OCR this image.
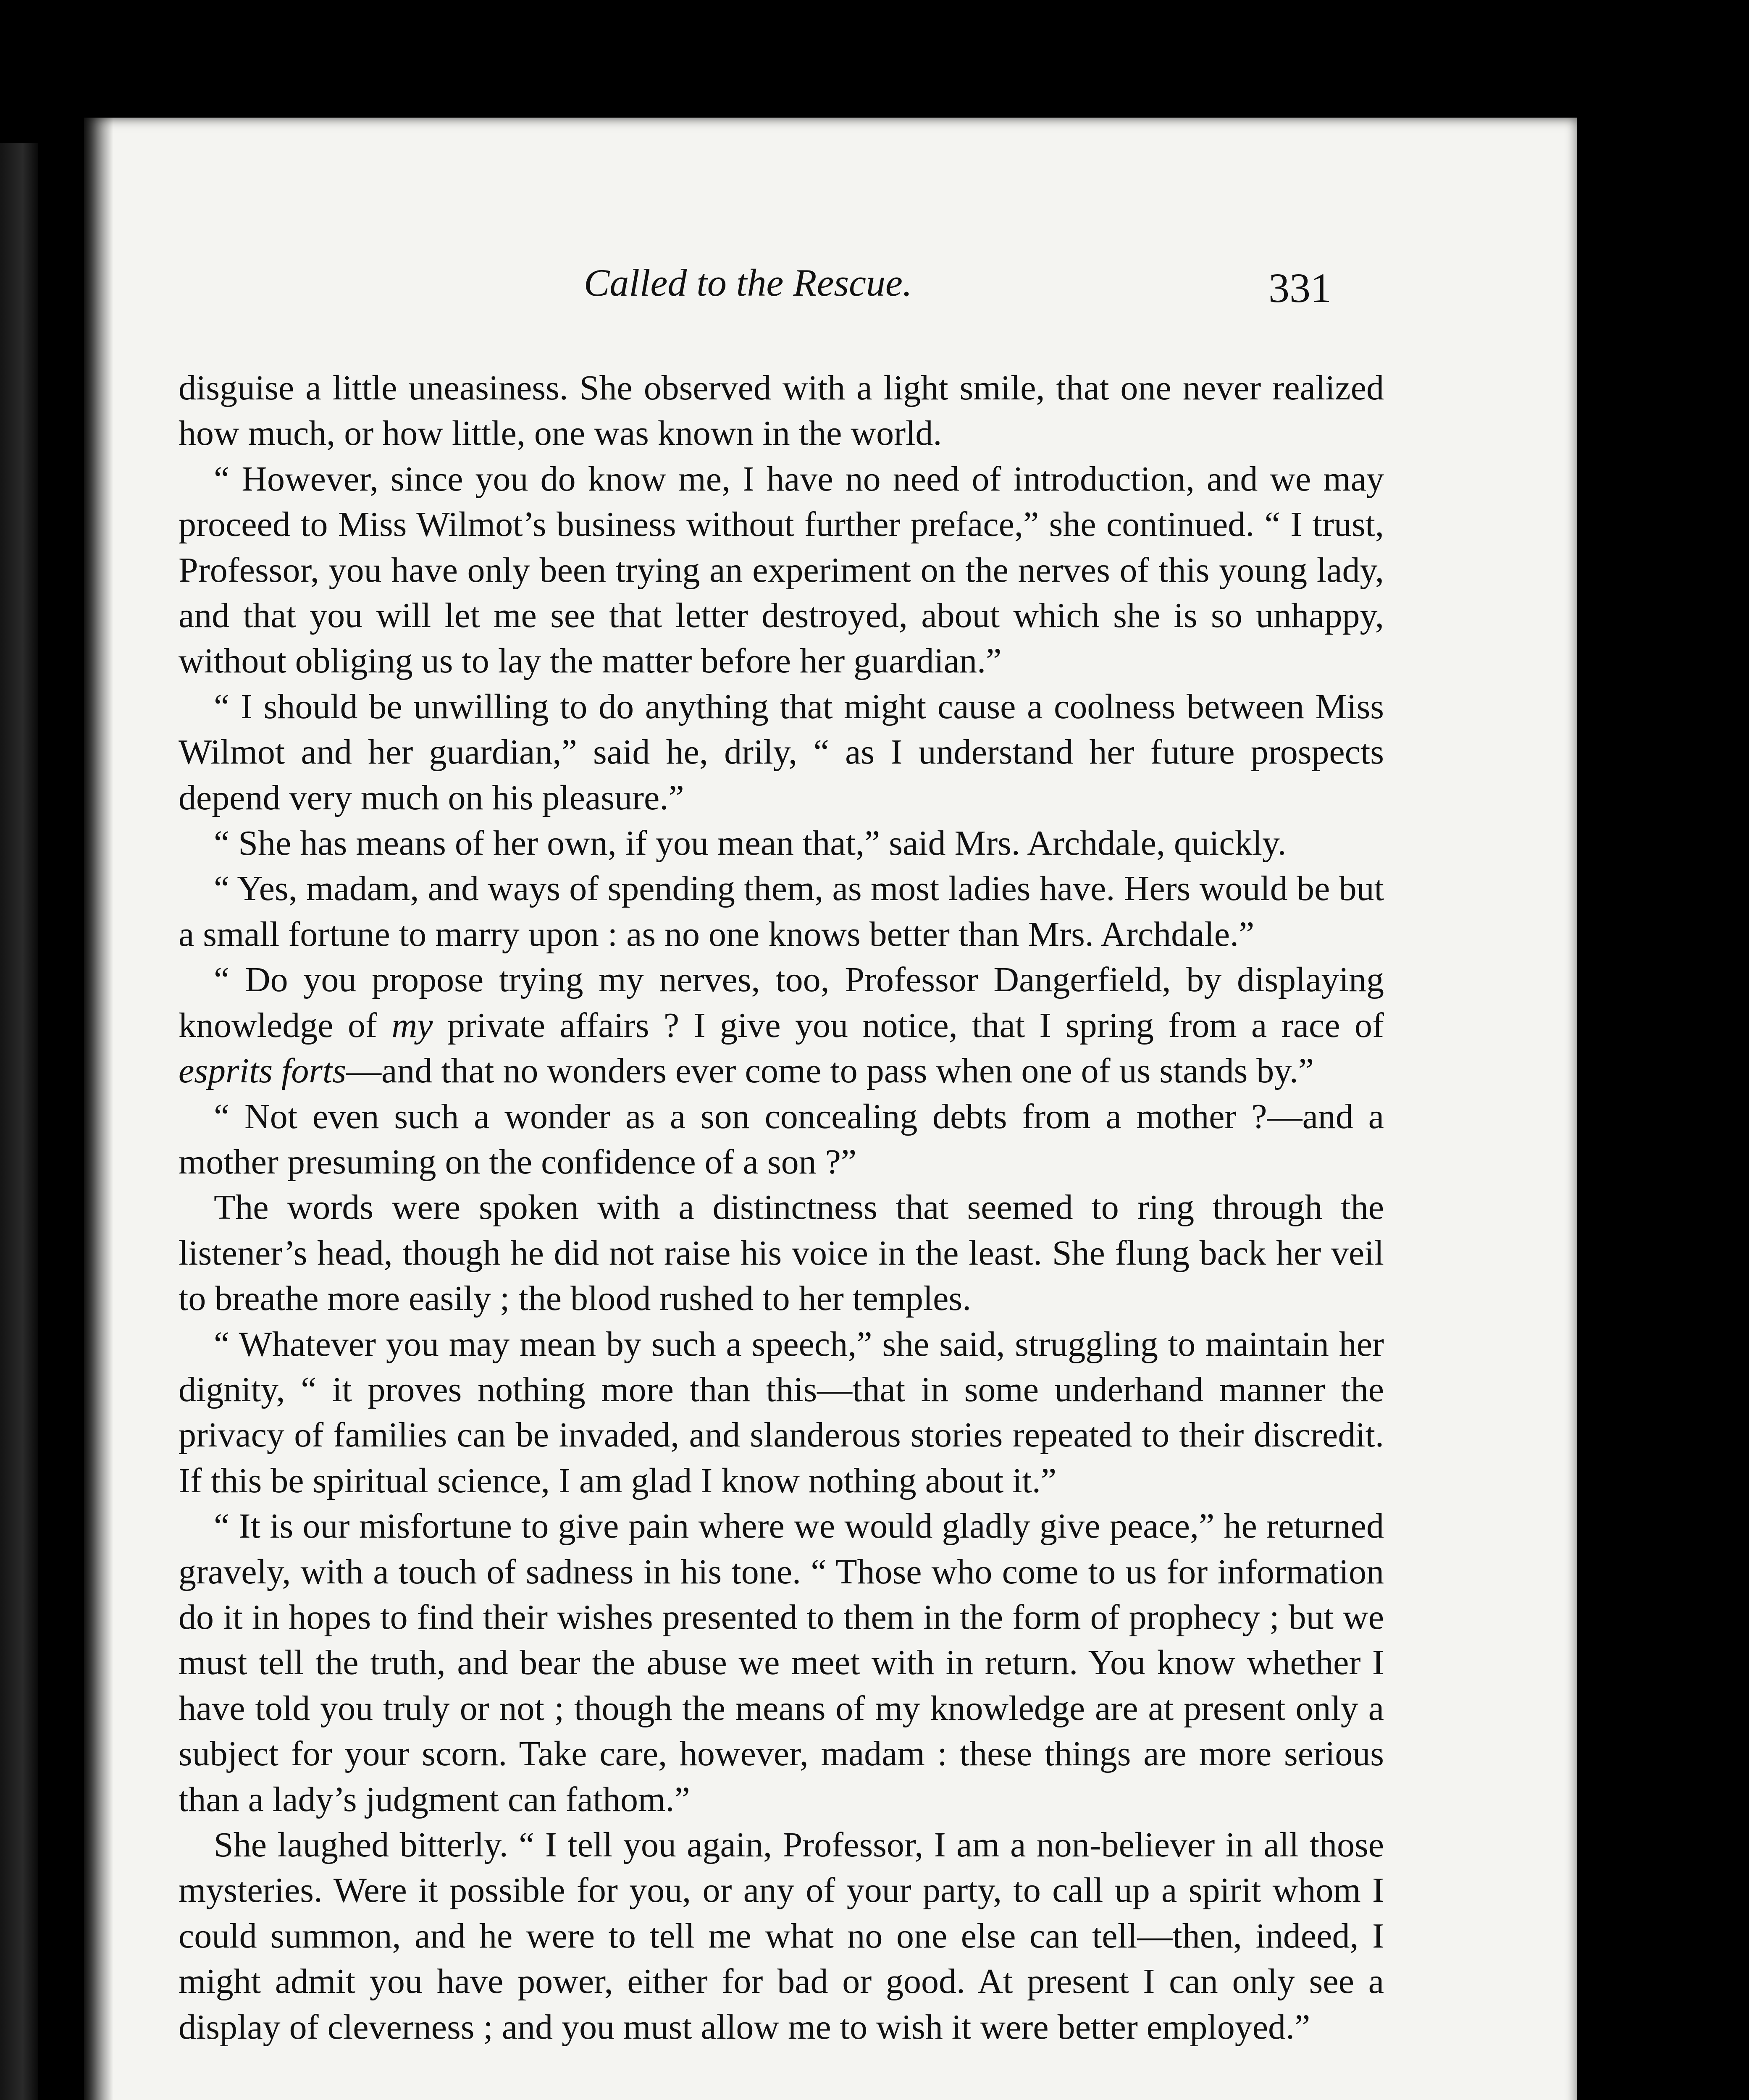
Called to the Rescue.	331

disguise a little uneasiness. She observed with a light smile, that one never realized how much, or how little, one was known in the world.

“ However, since you do know me, I have no need of introduction, and we may proceed to Miss Wilmot’s business without further preface,” she continued. “ I trust, Professor, you have only been trying an experiment on the nerves of this young lady, and that you will let me see that letter destroyed, about which she is so unhappy, without obliging us to lay the matter before her guardian.”

“ I should be unwilling to do anything that might cause a coolness between Miss Wilmot and her guardian,” said he, drily, “ as I understand her future prospects depend very much on his pleasure.”

“ She has means of her own, if you mean that,” said Mrs. Archdale, quickly.

“ Yes, madam, and ways of spending them, as most ladies have. Hers would be but a small fortune to marry upon : as no one knows better than Mrs. Archdale.”

“ Do you propose trying my nerves, too, Professor Dangerfield, by displaying knowledge of my private affairs ? I give you notice, that I spring from a race of esprits forts—and that no wonders ever come to pass when one of us stands by.”

“ Not even such a wonder as a son concealing debts from a mother ?—and a mother presuming on the confidence of a son ?”

The words were spoken with a distinctness that seemed to ring through the listener’s head, though he did not raise his voice in the least. She flung back her veil to breathe more easily ; the blood rushed to her temples.

“ Whatever you may mean by such a speech,” she said, struggling to maintain her dignity, “ it proves nothing more than this—that in some underhand manner the privacy of families can be invaded, and slanderous stories repeated to their discredit. If this be spiritual science, I am glad I know nothing about it.”

“ It is our misfortune to give pain where we would gladly give peace,” he returned gravely, with a touch of sadness in his tone. “ Those who come to us for information do it in hopes to find their wishes presented to them in the form of prophecy ; but we must tell the truth, and bear the abuse we meet with in return. You know whether I have told you truly or not ; though the means of my knowledge are at present only a subject for your scorn. Take care, however, madam : these things are more serious than a lady’s judgment can fathom.”

She laughed bitterly. “ I tell you again, Professor, I am a non-believer in all those mysteries. Were it possible for you, or any of your party, to call up a spirit whom I could summon, and he were to tell me what no one else can tell—then, indeed, I might admit you have power, either for bad or good. At present I can only see a display of cleverness ; and you must allow me to wish it were better employed.”
